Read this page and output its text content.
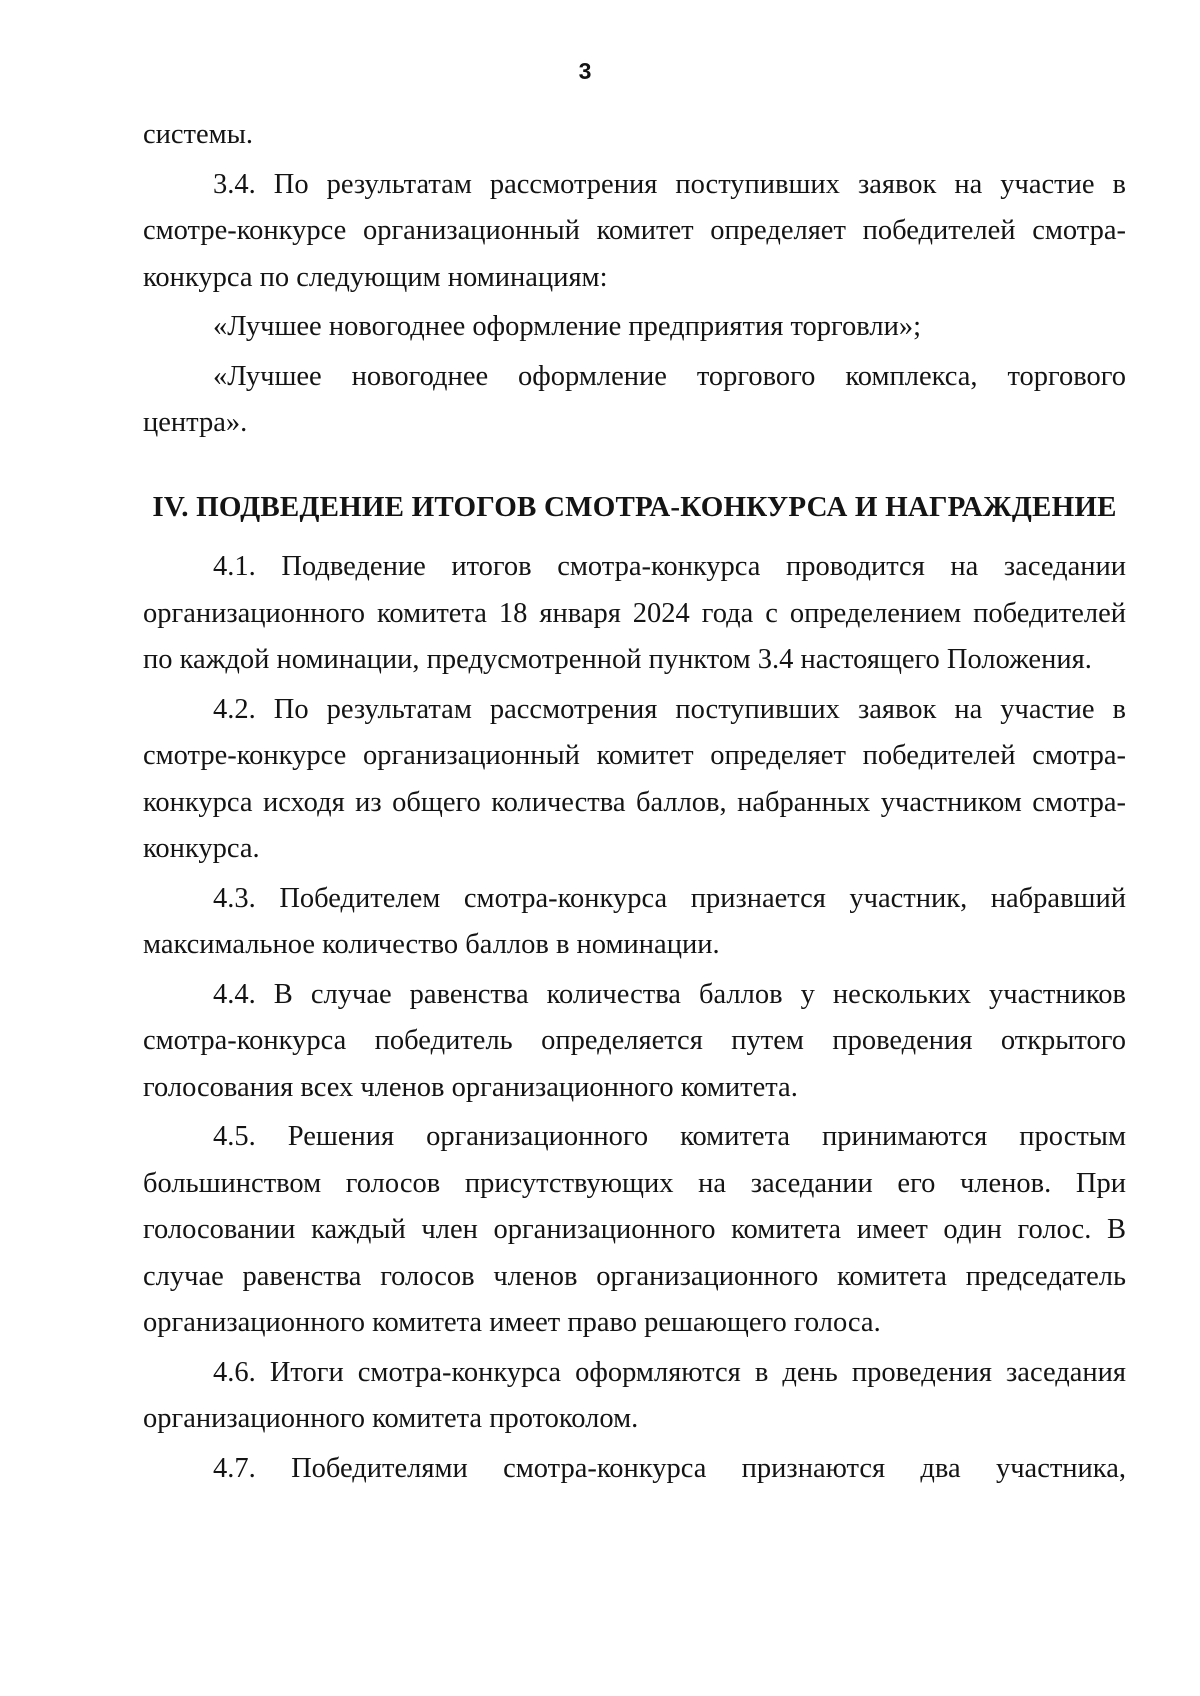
3
системы.
3.4. По результатам рассмотрения поступивших заявок на участие в
смотре-конкурсе организационный комитет определяет победителей смотра-
конкурса по следующим номинациям:
«Лучшее новогоднее оформление предприятия торговли»;
«Лучшее новогоднее оформление торгового комплекса, торгового
центра».
IV. ПОДВЕДЕНИЕ ИТОГОВ СМОТРА-КОНКУРСА И НАГРАЖДЕНИЕ
4.1. Подведение итогов смотра-конкурса проводится на заседании
организационного комитета 18 января 2024 года с определением победителей
по каждой номинации, предусмотренной пунктом 3.4 настоящего Положения.
4.2. По результатам рассмотрения поступивших заявок на участие в
смотре-конкурсе организационный комитет определяет победителей смотра-
конкурса исходя из общего количества баллов, набранных участником смотра-
конкурса.
4.3. Победителем смотра-конкурса признается участник, набравший
максимальное количество баллов в номинации.
4.4. В случае равенства количества баллов у нескольких участников
смотра-конкурса победитель определяется путем проведения открытого
голосования всех членов организационного комитета.
4.5. Решения организационного комитета принимаются простым
большинством голосов присутствующих на заседании его членов. При
голосовании каждый член организационного комитета имеет один голос. В
случае равенства голосов членов организационного комитета председатель
организационного комитета имеет право решающего голоса.
4.6. Итоги смотра-конкурса оформляются в день проведения заседания
организационного комитета протоколом.
4.7. Победителями смотра-конкурса признаются два участника,
